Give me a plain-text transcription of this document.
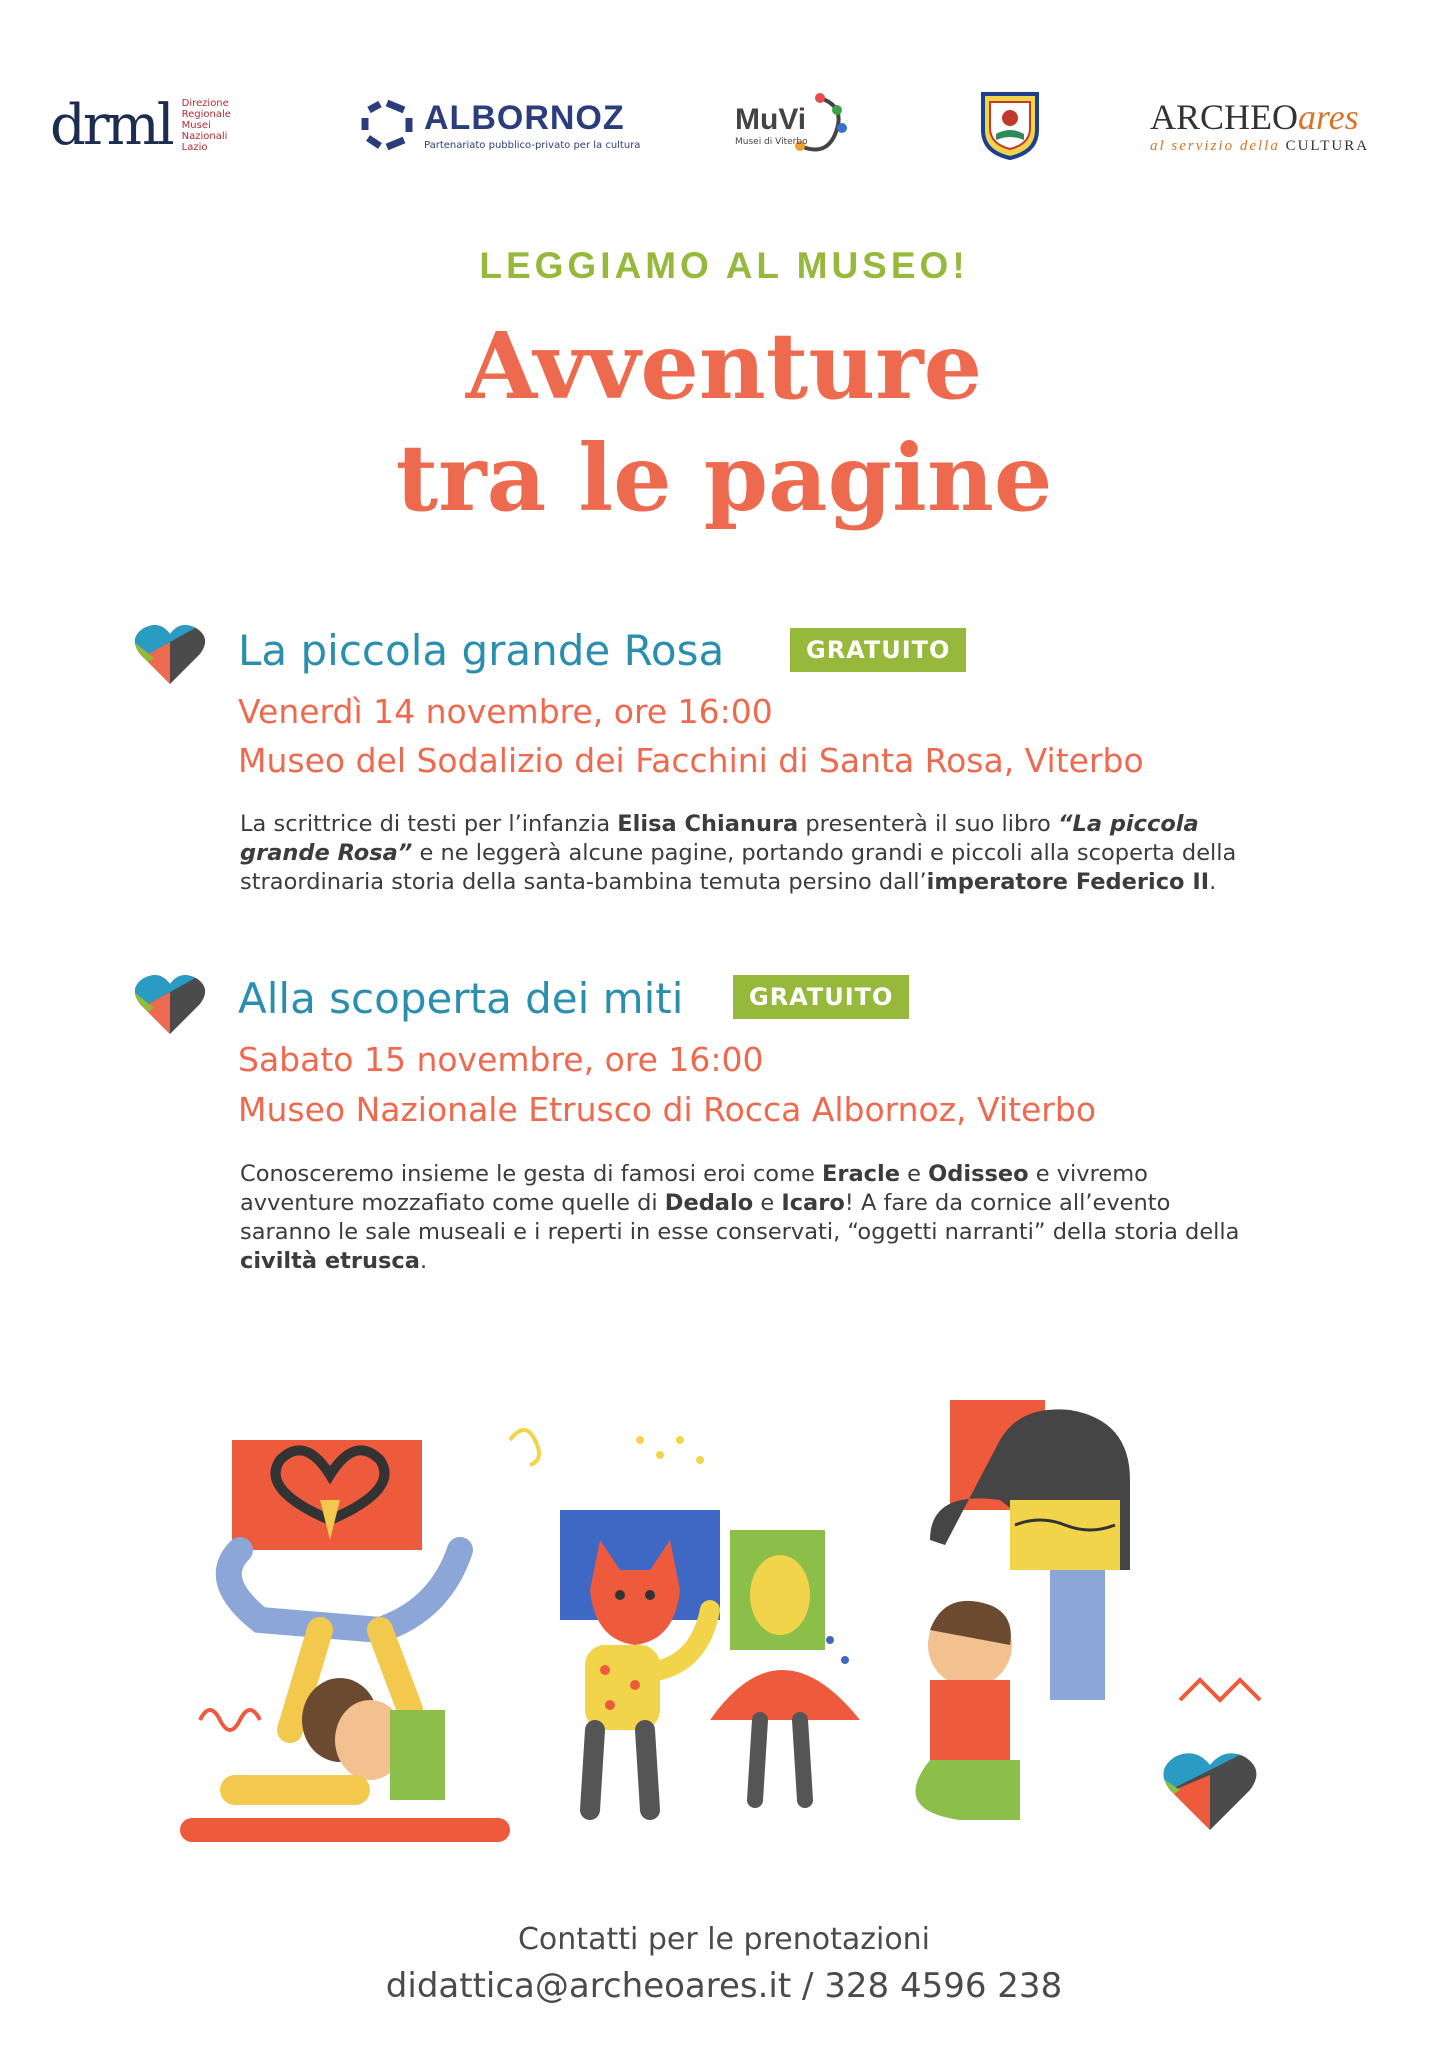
drml Direzione
Regionale
Musei
Nazionali
Lazio
ALBORNOZ
Partenariato pubblico-privato per la cultura
MuVi
Musei di Viterbo
ARCHEOares
al servizio della CULTURA
LEGGIAMO AL MUSEO!
Avventure
tra le pagine
La piccola grande Rosa	GRATUITO
Venerdì 14 novembre, ore 16:00
Museo del Sodalizio dei Facchini di Santa Rosa, Viterbo
La scrittrice di testi per l’infanzia Elisa Chianura presenterà il suo libro “La piccola grande Rosa” e ne leggerà alcune pagine, portando grandi e piccoli alla scoperta della straordinaria storia della santa-bambina temuta persino dall’imperatore Federico II.
Alla scoperta dei miti	GRATUITO
Sabato 15 novembre, ore 16:00
Museo Nazionale Etrusco di Rocca Albornoz, Viterbo
Conosceremo insieme le gesta di famosi eroi come Eracle e Odisseo e vivremo avventure mozzafiato come quelle di Dedalo e Icaro! A fare da cornice all’evento saranno le sale museali e i reperti in esse conservati, “oggetti narranti” della storia della civiltà etrusca.
Contatti per le prenotazioni
didattica@archeoares.it / 328 4596 238
